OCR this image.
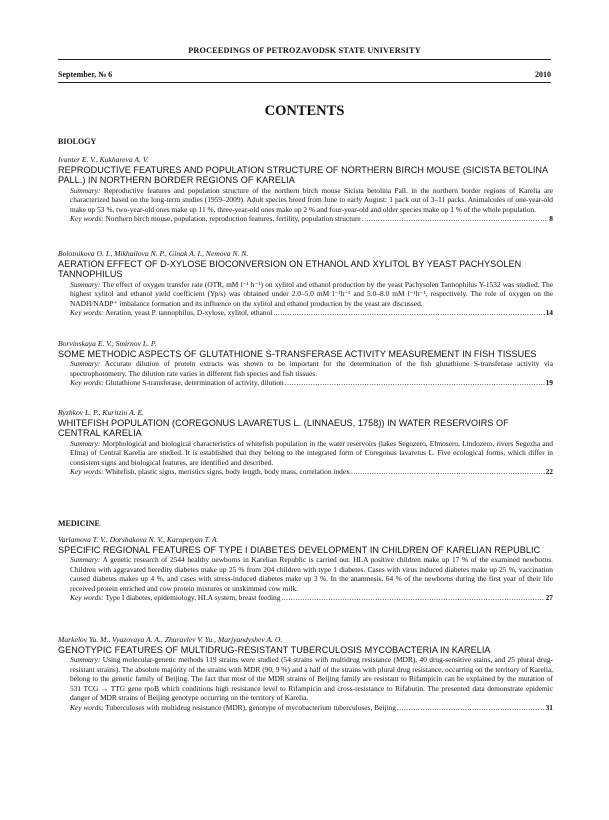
PROCEEDINGS OF PETROZAVODSK STATE UNIVERSITY
September, № 6	2010
CONTENTS
BIOLOGY
Ivanter E. V., Kukhareva A. V.
REPRODUCTIVE FEATURES AND POPULATION STRUCTURE OF NORTHERN BIRCH MOUSE (SICISTA BETOLINA PALL.) IN NORTHERN BORDER REGIONS OF KARELIA
Summary: Reproductive features and population structure of the northern birch mouse Sicista betolina Pall. in the northern border regions of Karelia are characterized based on the long-term studies (1959–2009). Adult species breed from June to early August: 1 pack out of 3–11 packs. Animalcules of one-year-old make up 53 %, two-year-old ones make up 11 %, three-year-old ones make up 2 % and four-year-old and older species make up 1 % of the whole population.
Key words: Northern birch mouse, population, reproduction features, fertility, population structure .....	8
Bolotnikova O. I., Mikhailova N. P., Ginak A. I., Nemova N. N.
AERATION EFFECT OF D-XYLOSE BIOCONVERSION ON ETHANOL AND XYLITOL BY YEAST PACHYSOLEN TANNOPHILUS
Summary: The effect of oxygen transfer rate (OTR, mM l⁻¹ h⁻¹) on xylitol and ethanol production by the yeast Pachysolen Tannophilus Y-1532 was studied. The highest xylitol and ethanol yield coefficient (Yp/s) was obtained under 2.0–5.0 mM l⁻¹h⁻¹ and 5.0–8.0 mM l⁻¹h⁻¹, respectively. The role of oxygen on the NADH/NADP⁺ imbalance formation and its influence on the xylitol and ethanol production by the yeast are discussed.
Key words: Aeration, yeast P. tannophilus, D-xylose, xylitol, ethanol .....	14
Borvinskaya E. V., Smirnov L. P.
SOME METHODIC ASPECTS OF GLUTATHIONE S-TRANSFERASE ACTIVITY MEASUREMENT IN FISH TISSUES
Summary: Accurate dilution of protein extracts was shown to be important for the determination of the fish glutathione S-transferase activity via spectrophotometry. The dilution rate varies in different fish species and fish tissues.
Key words: Glutathione S-transferase, determination of activity, dilution .....	19
Ryzhkov L. P., Kuritzin A. E.
WHITEFISH POPULATION (COREGONUS LAVARETUS L. (LINNAEUS, 1758)) IN WATER RESERVOIRS OF CENTRAL KARELIA
Summary: Morphological and biological characteristics of whitefish population in the water reservoirs (lakes Segozero, Elmosero, Lindozero, rivers Segezha and Elma) of Central Karelia are studied. It is established that they belong to the integrated form of Coregonus lavaretus L. Five ecological forms, which differ in consistent signs and biological features, are identified and described.
Key words: Whitefish, plastic signs, meristics signs, body length, body mass, correlation index .....	22
MEDICINE
Varlamova T. V., Dorshakova N. V., Karapetyan T. A.
SPECIFIC REGIONAL FEATURES OF TYPE I DIABETES DEVELOPMENT IN CHILDREN OF KARELIAN REPUBLIC
Summary: A genetic research of 2544 healthy newborns in Karelian Republic is carried out. HLA positive children make up 17 % of the examined newborns. Children with aggravated heredity diabetes make up 25 % from 204 children with type 1 diabetes. Cases with virus induced diabetes make up 25 %, vaccination caused diabetes makes up 4 %, and cases with stress-induced diabetes make up 3 %. In the anamnesis, 64 % of the newborns during the first year of their life received protein enriched and cow protein mixtures or unskimmed cow milk.
Key words: Type I diabetes, epidemiology, HLA system, breast feeding .....	27
Markelov Yu. M., Vyazovaya A. A., Zhuravlev V. Yu., Marjyandyshev A. O.
GENOTYPIC FEATURES OF MULTIDRUG-RESISTANT TUBERCULOSIS MYCOBACTERIA IN KARELIA
Summary: Using molecular-genetic methods 119 strains were studied (54 strains with multidrug resistance (MDR), 40 drug-sensitive stains, and 25 plural drug-resistant strains). The absolute majority of the strains with MDR (90, 9 %) and a half of the strains with plural drug resistance, occurring on the territory of Karelia, belong to the genetic family of Beijing. The fact that most of the MDR strains of Beijing family are resistant to Rifampicin can be explained by the mutation of 531 TCG → TTG gene rpoB which conditions high resistance level to Rifampicin and cross-resistance to Rifabutin. The presented data demonstrate epidemic danger of MDR strains of Beijing genotype occurring on the territory of Karelia.
Key words: Tuberculoses with multidrug resistance (MDR), genotype of mycobacterium tuberculoses, Beijing .....	31
